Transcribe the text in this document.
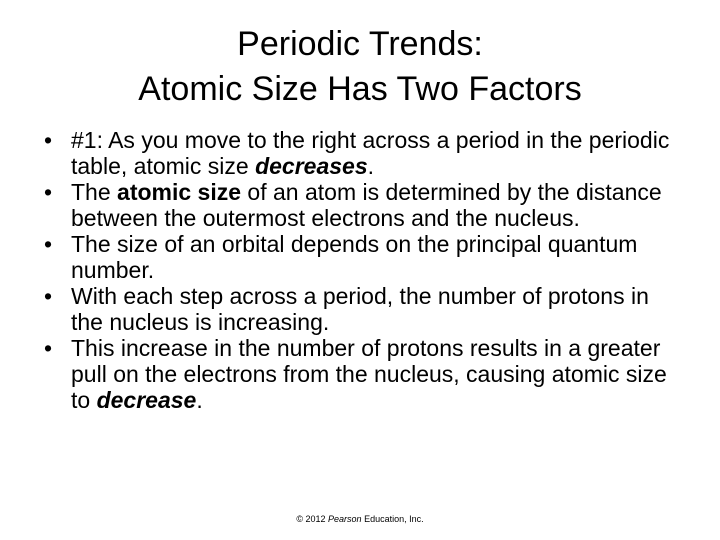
Periodic Trends:
Atomic Size Has Two Factors
• #1: As you move to the right across a period in the periodic table, atomic size decreases.
• The atomic size of an atom is determined by the distance between the outermost electrons and the nucleus.
• The size of an orbital depends on the principal quantum number.
• With each step across a period, the number of protons in the nucleus is increasing.
• This increase in the number of protons results in a greater pull on the electrons from the nucleus, causing atomic size to decrease.
© 2012 Pearson Education, Inc.
